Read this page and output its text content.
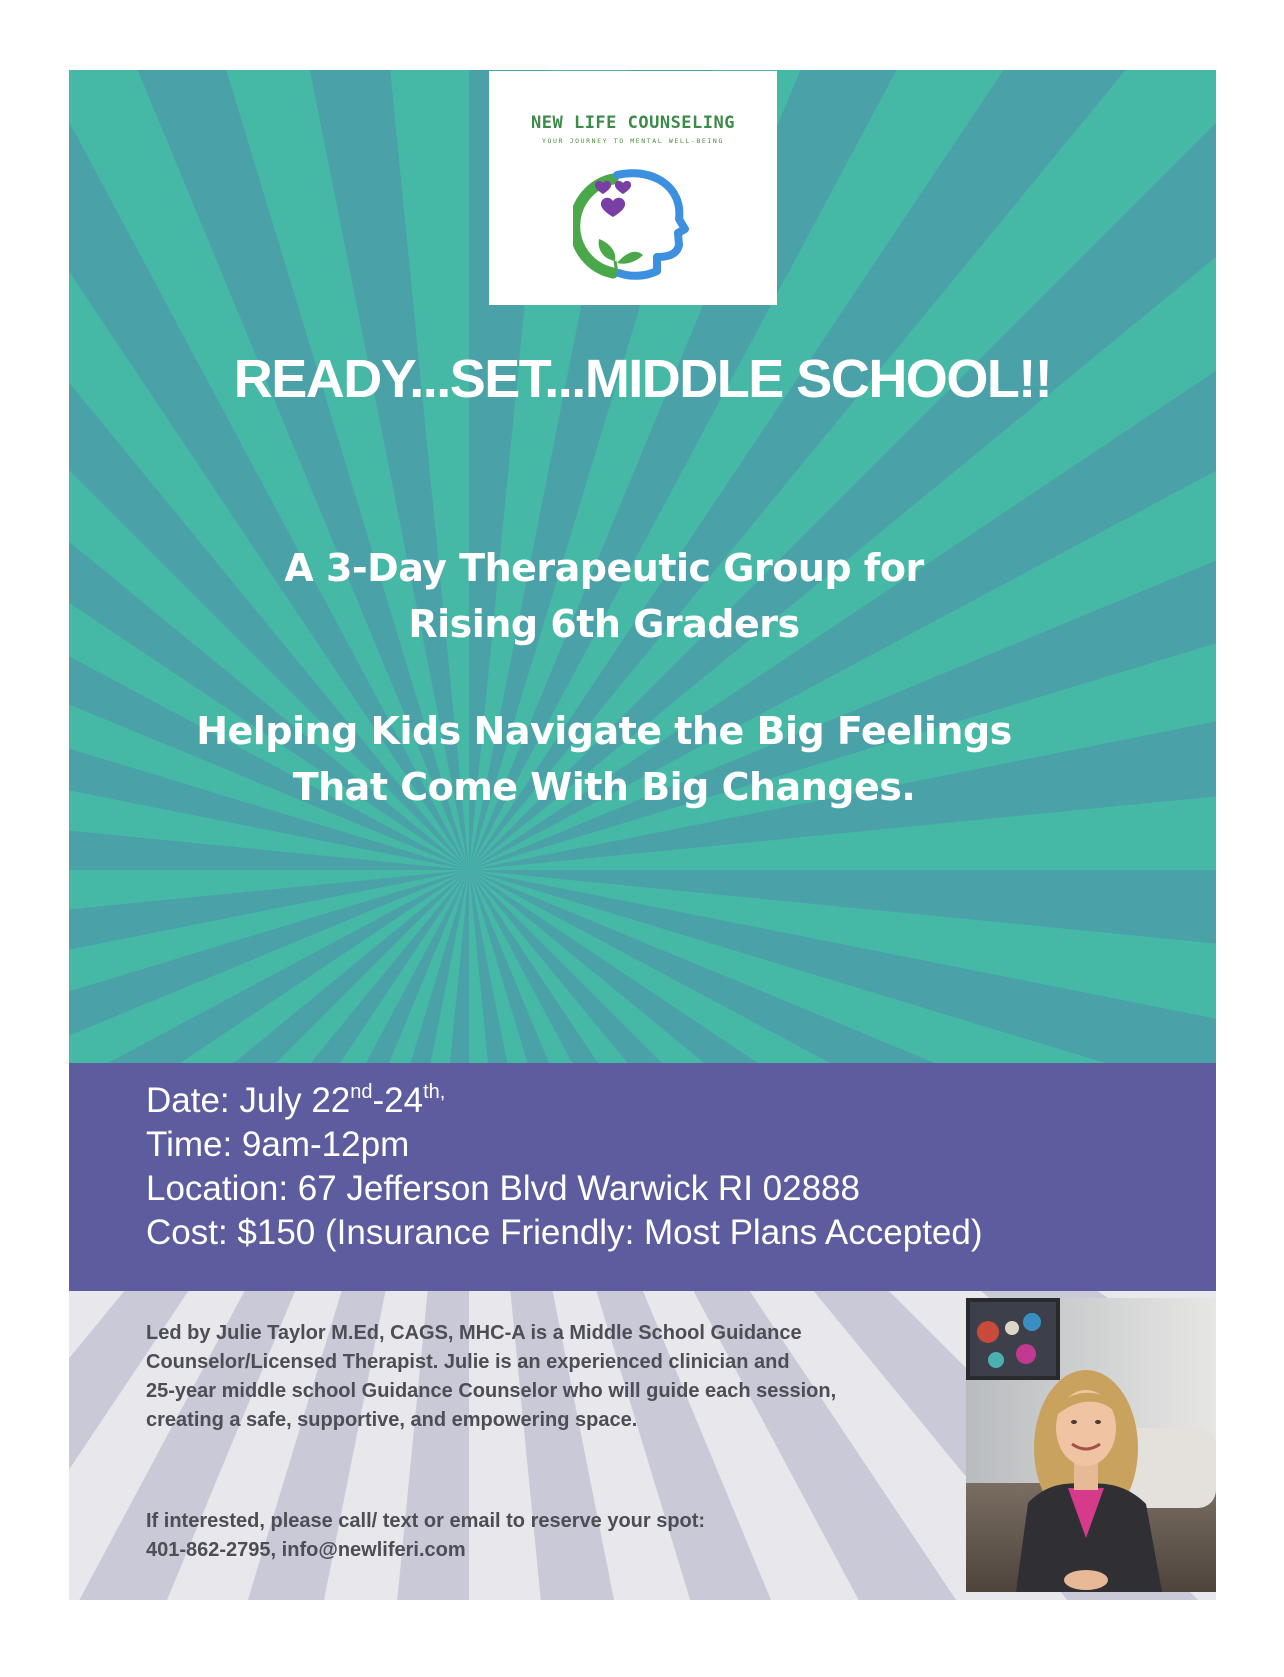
NEW LIFE COUNSELING
YOUR JOURNEY TO MENTAL WELL-BEING
READY...SET...MIDDLE SCHOOL!!
A 3-Day Therapeutic Group for
Rising 6th Graders
Helping Kids Navigate the Big Feelings
That Come With Big Changes.
Date: July $22nd-24^{th,}$
Time: 9am-12pm
Location: 67 Jefferson Blvd Warwick RI 02888
Cost: $150 (Insurance Friendly: Most Plans Accepted)
Led by Julie Taylor M.Ed, CAGS, MHC-A is a Middle School Guidance
Counselor/Licensed Therapist. Julie is an experienced clinician and
25-year middle school Guidance Counselor who will guide each session,
creating a safe, supportive, and empowering space.
If interested, please call/ text or email to reserve your spot:
401-862-2795, info@newliferi.com
